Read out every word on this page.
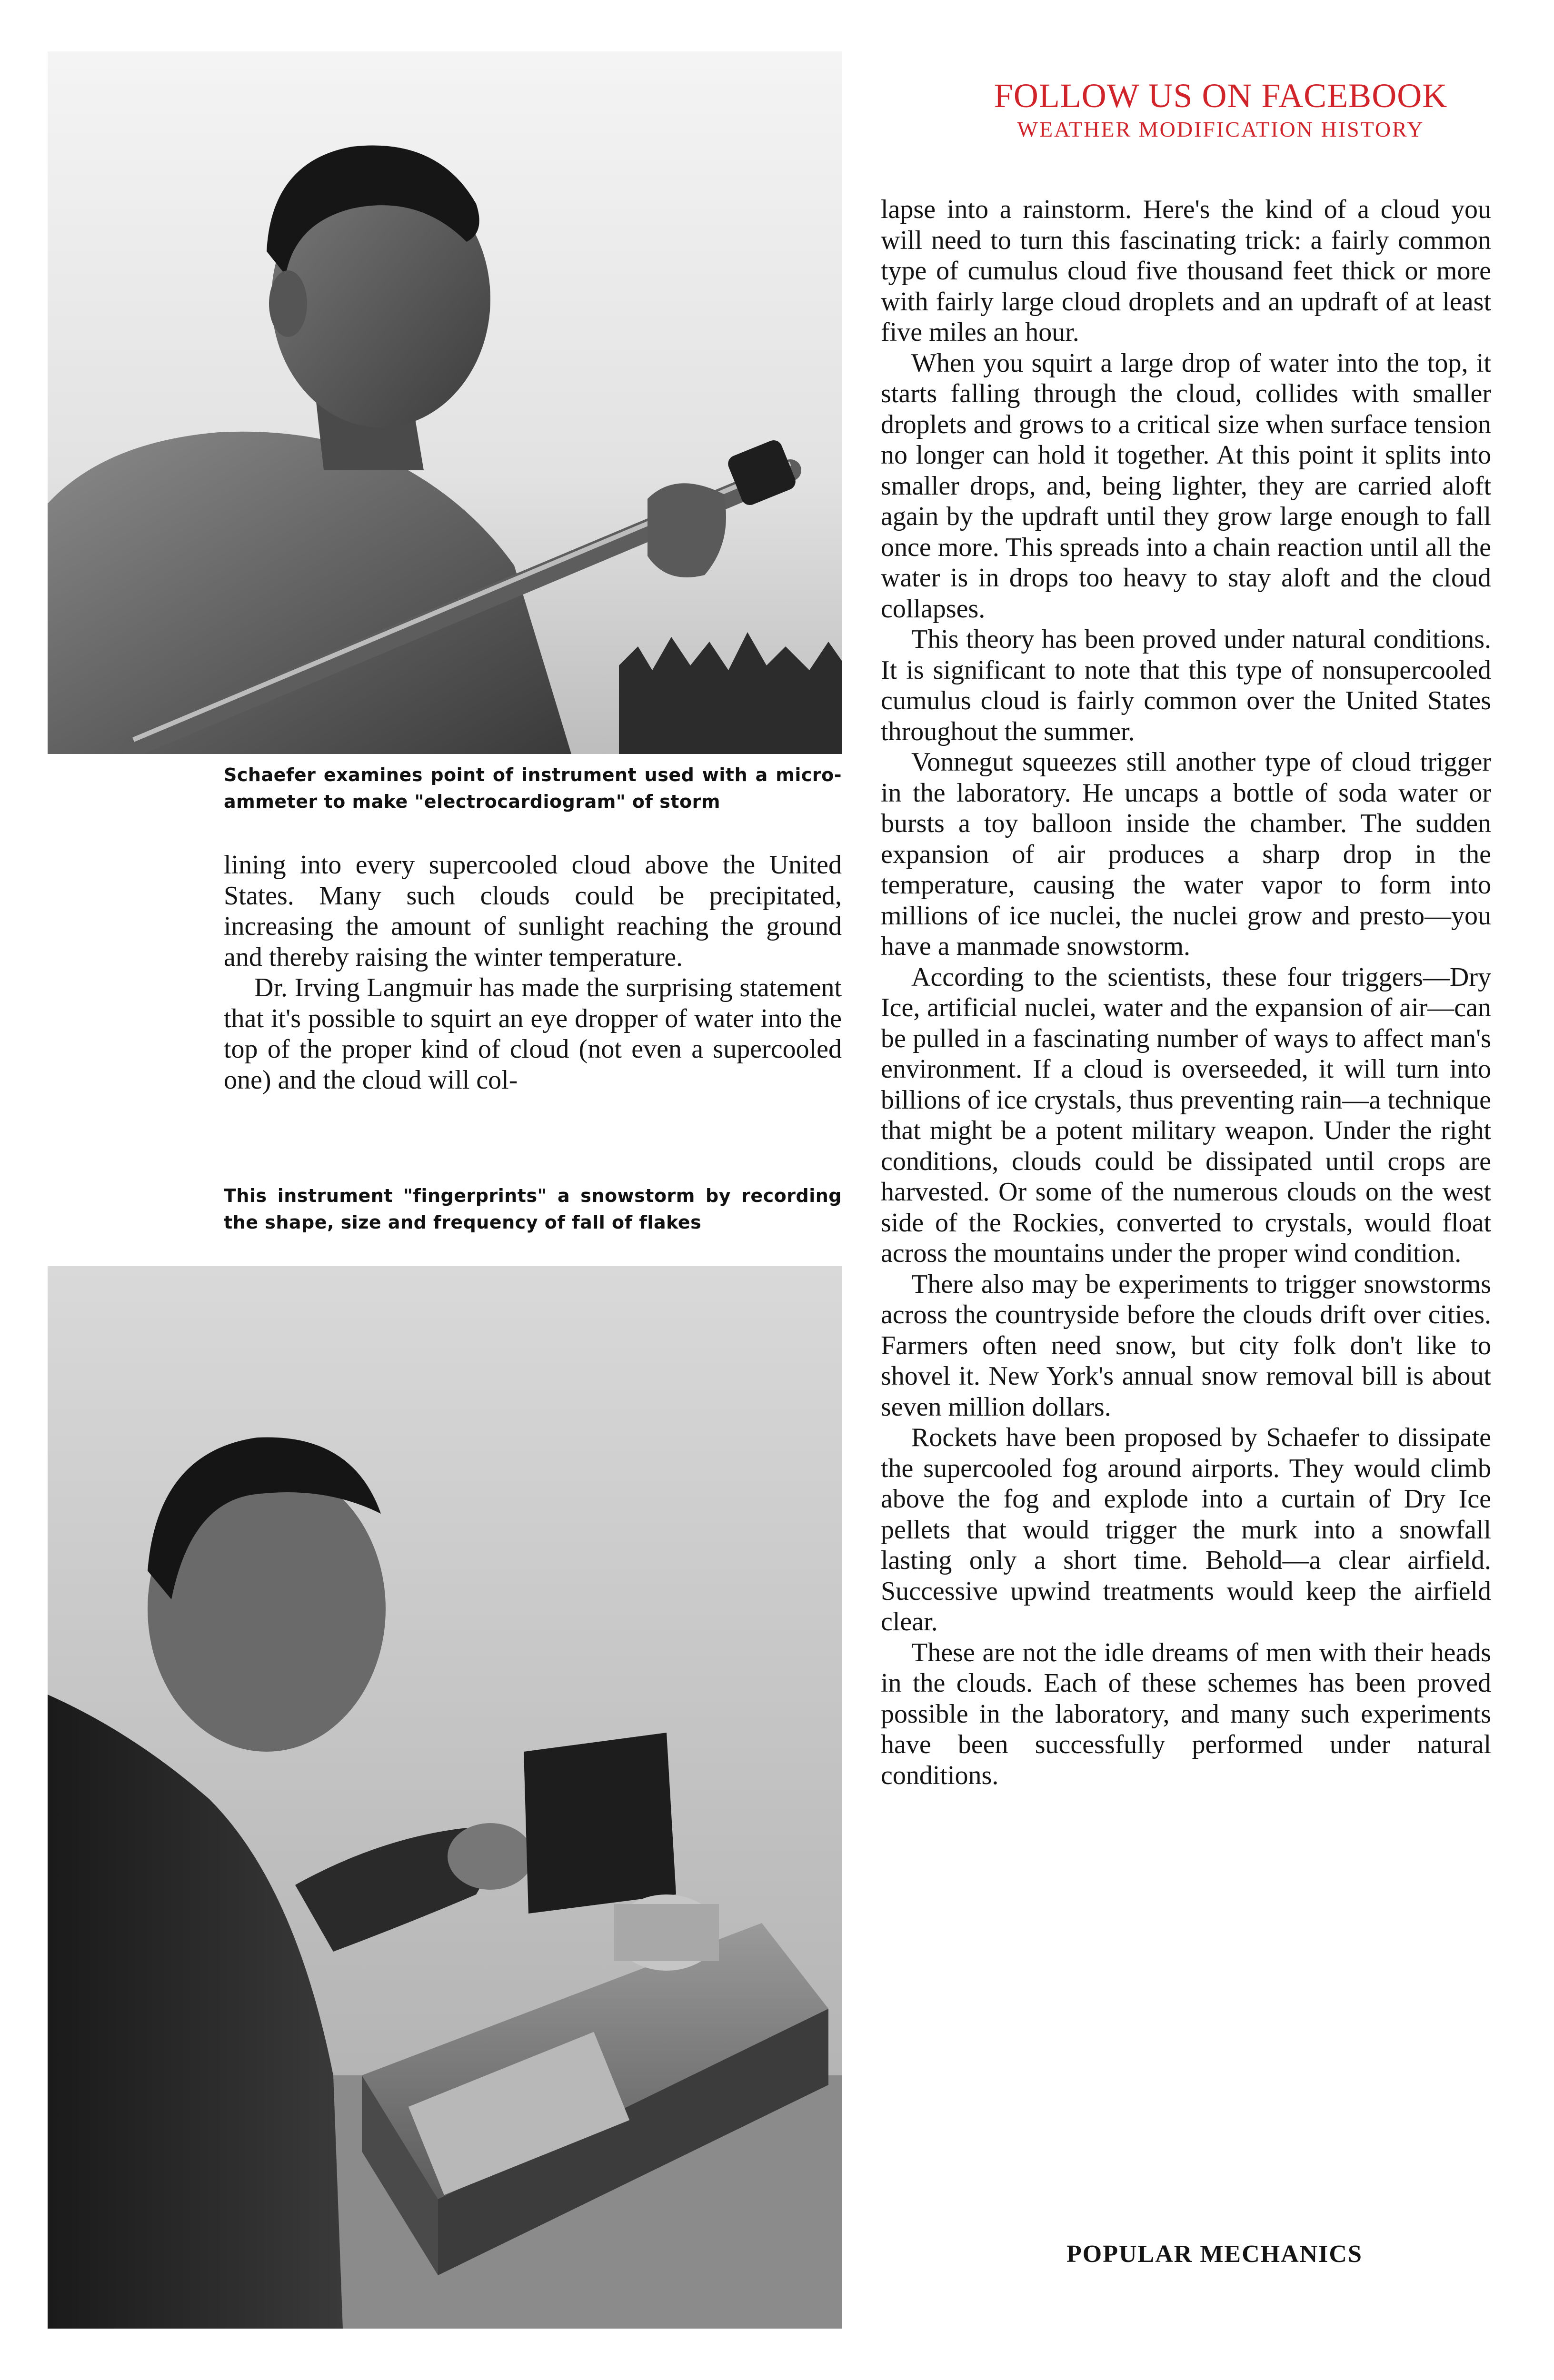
Schaefer examines point of instrument used with a micro-ammeter to make "electrocardiogram" of storm

lining into every supercooled cloud above the United States. Many such clouds could be precipitated, increasing the amount of sunlight reaching the ground and thereby raising the winter temperature.

Dr. Irving Langmuir has made the surprising statement that it's possible to squirt an eye dropper of water into the top of the proper kind of cloud (not even a supercooled one) and the cloud will col-

This instrument "fingerprints" a snowstorm by recording the shape, size and frequency of fall of flakes
FOLLOW US ON FACEBOOK
WEATHER MODIFICATION HISTORY

lapse into a rainstorm. Here's the kind of a cloud you will need to turn this fascinating trick: a fairly common type of cumulus cloud five thousand feet thick or more with fairly large cloud droplets and an updraft of at least five miles an hour.

When you squirt a large drop of water into the top, it starts falling through the cloud, collides with smaller droplets and grows to a critical size when surface tension no longer can hold it together. At this point it splits into smaller drops, and, being lighter, they are carried aloft again by the updraft until they grow large enough to fall once more. This spreads into a chain reaction until all the water is in drops too heavy to stay aloft and the cloud collapses.

This theory has been proved under natural conditions. It is significant to note that this type of nonsupercooled cumulus cloud is fairly common over the United States throughout the summer.

Vonnegut squeezes still another type of cloud trigger in the laboratory. He uncaps a bottle of soda water or bursts a toy balloon inside the chamber. The sudden expansion of air produces a sharp drop in the temperature, causing the water vapor to form into millions of ice nuclei, the nuclei grow and presto—you have a manmade snowstorm.

According to the scientists, these four triggers—Dry Ice, artificial nuclei, water and the expansion of air—can be pulled in a fascinating number of ways to affect man's environment. If a cloud is overseeded, it will turn into billions of ice crystals, thus preventing rain—a technique that might be a potent military weapon. Under the right conditions, clouds could be dissipated until crops are harvested. Or some of the numerous clouds on the west side of the Rockies, converted to crystals, would float across the mountains under the proper wind condition.

There also may be experiments to trigger snowstorms across the countryside before the clouds drift over cities. Farmers often need snow, but city folk don't like to shovel it. New York's annual snow removal bill is about seven million dollars.

Rockets have been proposed by Schaefer to dissipate the supercooled fog around airports. They would climb above the fog and explode into a curtain of Dry Ice pellets that would trigger the murk into a snowfall lasting only a short time. Behold—a clear airfield. Successive upwind treatments would keep the airfield clear.

These are not the idle dreams of men with their heads in the clouds. Each of these schemes has been proved possible in the laboratory, and many such experiments have been successfully performed under natural conditions.

POPULAR MECHANICS
